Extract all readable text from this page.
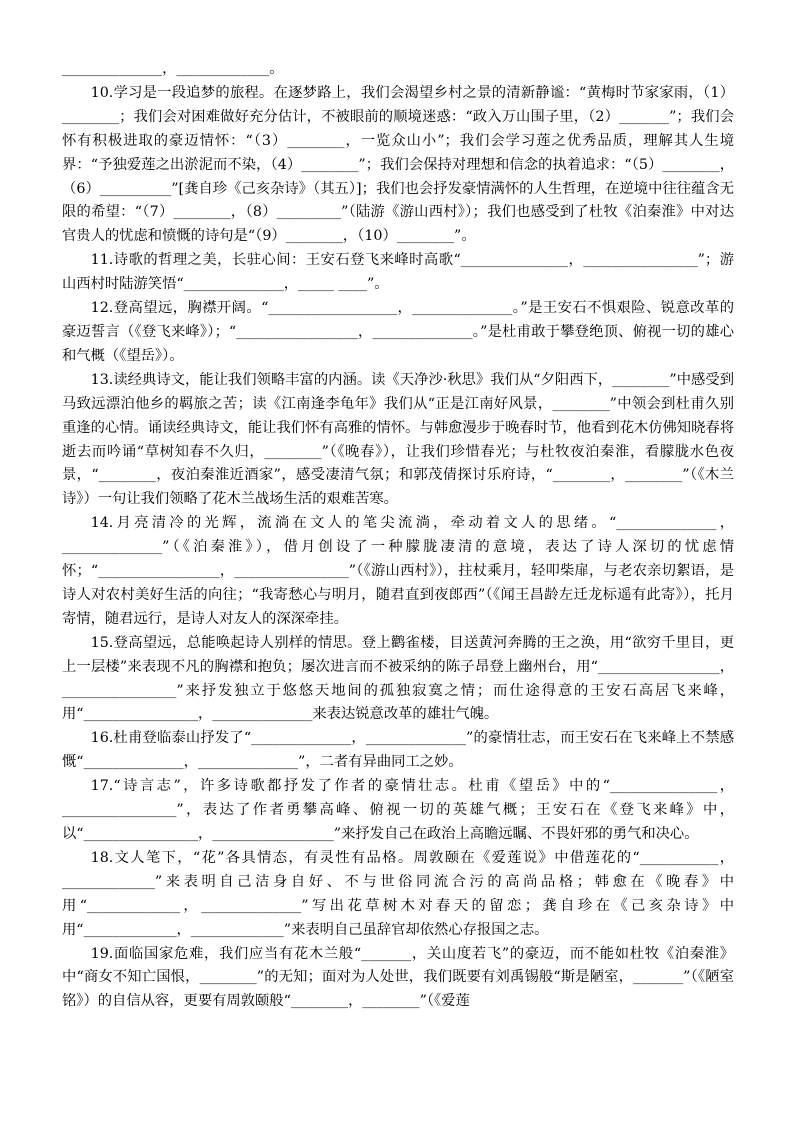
______________，_____________。

10.学习是一段追梦的旅程。在逐梦路上，我们会渴望乡村之景的清新静谧：“黄梅时节家家雨，（1）________；我们会对困难做好充分估计，不被眼前的顺境迷惑：“政入万山围子里，（2）_______”；我们会怀有积极进取的豪迈情怀：“（3）________，一览众山小”；我们会学习莲之优秀品质，理解其人生境界：“予独爱莲之出淤泥而不染，（4）________”；我们会保持对理想和信念的执着追求：“（5）________，（6）__________”[龚自珍《己亥杂诗》（其五）]；我们也会抒发豪情满怀的人生哲理，在逆境中往往蕴含无限的希望：“（7）________，（8）_________”（陆游《游山西村》）；我们也感受到了杜牧《泊秦淮》中对达官贵人的忧虑和愤慨的诗句是“（9）________，（10）________”。

11.诗歌的哲理之美，长驻心间：王安石登飞来峰时高歌“_______________，________________”；游山西村时陆游笑悟“______________，_____ ____”。

12.登高望远，胸襟开阔。“__________________，______________。”是王安石不惧艰险、锐意改革的豪迈誓言（《登飞来峰》）；“_________________，______________。”是杜甫敢于攀登绝顶、俯视一切的雄心和气概（《望岳》）。

13.读经典诗文，能让我们领略丰富的内涵。读《天净沙·秋思》我们从“夕阳西下，________”中感受到马致远漂泊他乡的羁旅之苦；读《江南逢李龟年》我们从“正是江南好风景，________”中领会到杜甫久别重逢的心情。诵读经典诗文，能让我们怀有高雅的情怀。与韩愈漫步于晚春时节，他看到花木仿佛知晓春将逝去而吟诵“草树知春不久归，________”（《晚春》），让我们珍惜春光；与杜牧夜泊秦淮，看朦胧水色夜景，“________，夜泊秦淮近酒家”，感受凄清气氛；和郭茂倩探讨乐府诗，“________，________”（《木兰诗》）一句让我们领略了花木兰战场生活的艰难苦寒。

14.月亮清冷的光辉，流淌在文人的笔尖流淌，牵动着文人的思绪。“______________，______________”（《泊秦淮》），借月创设了一种朦胧凄清的意境，表达了诗人深切的忧虑情怀；“_________________，________________”（《游山西村》），拄杖乘月，轻叩柴扉，与老农亲切絮语，是诗人对农村美好生活的向往；“我寄愁心与明月，随君直到夜郎西”（《闻王昌龄左迁龙标遥有此寄》），托月寄情，随君远行，是诗人对友人的深深牵挂。

15.登高望远，总能唤起诗人别样的情思。登上鹳雀楼，目送黄河奔腾的王之涣，用“欲穷千里目，更上一层楼”来表现不凡的胸襟和抱负；屡次进言而不被采纳的陈子昂登上幽州台，用“_________________，________________”来抒发独立于悠悠天地间的孤独寂寞之情；而仕途得意的王安石高居飞来峰，用“________________，______________来表达锐意改革的雄壮气魄。

16.杜甫登临泰山抒发了“______________，______________”的豪情壮志，而王安石在飞来峰上不禁感慨“______________，______________”，二者有异曲同工之妙。

17.“诗言志”，许多诗歌都抒发了作者的豪情壮志。杜甫《望岳》中的“_______________，________________”，表达了作者勇攀高峰、俯视一切的英雄气概；王安石在《登飞来峰》中，以“________________，_________________”来抒发自己在政治上高瞻远瞩、不畏奸邪的勇气和决心。

18.文人笔下，“花”各具情态，有灵性有品格。周敦颐在《爱莲说》中借莲花的“___________，_____________”来表明自己洁身自好、不与世俗同流合污的高尚品格；韩愈在《晚春》中用“_____________，______________”写出花草树木对春天的留恋；龚自珍在《己亥杂诗》中用“_____________，_____________”来表明自己虽辞官却依然心存报国之志。

19.面临国家危难，我们应当有花木兰般“_______，关山度若飞”的豪迈，而不能如杜牧《泊秦淮》中“商女不知亡国恨，________”的无知；面对为人处世，我们既要有刘禹锡般“斯是陋室，_______”（《陋室铭》）的自信从容，更要有周敦颐般“________，________”（《爱莲
